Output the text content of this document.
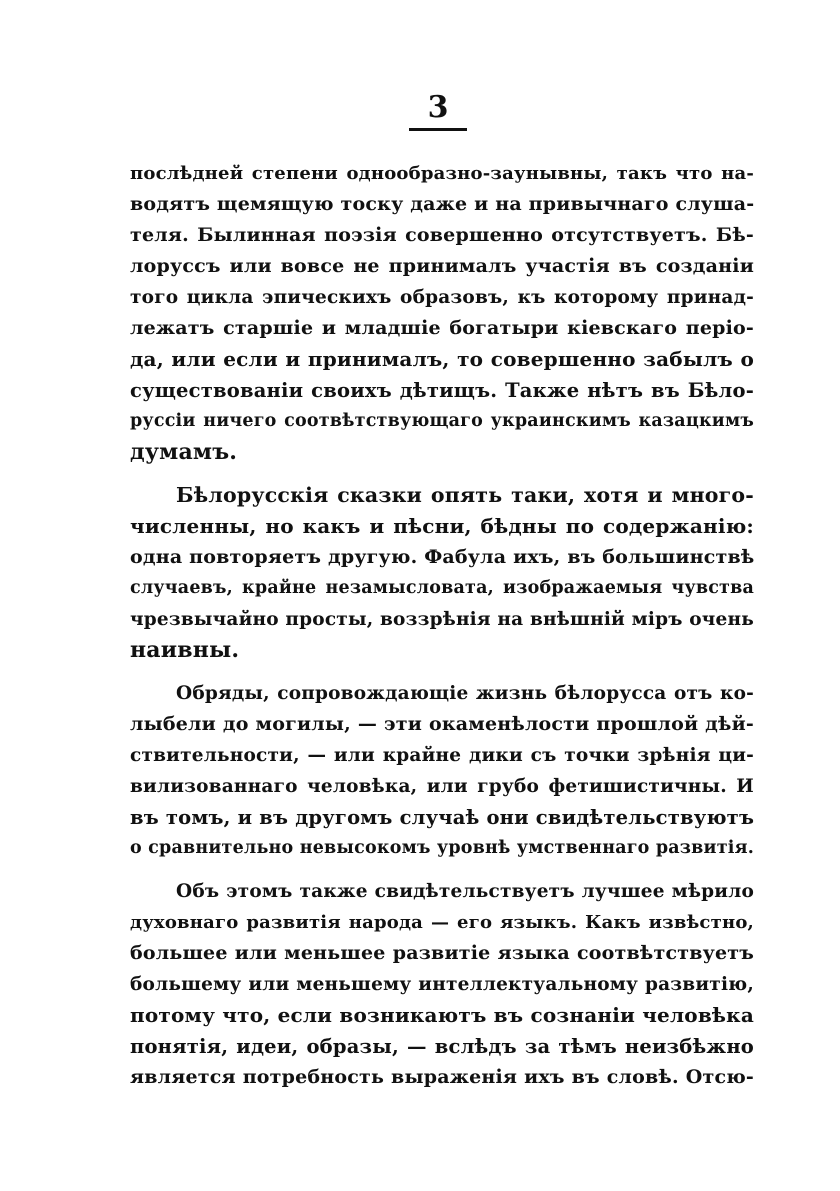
3
послѣдней степени однообразно-заунывны, такъ что на-
водятъ щемящую тоску даже и на привычнаго слуша-
теля. Былинная поэзія совершенно отсутствуетъ. Бѣ-
лоруссъ или вовсе не принималъ участія въ созданіи
того цикла эпическихъ образовъ, къ которому принад-
лежатъ старшіе и младшіе богатыри кіевскаго періо-
да, или если и принималъ, то совершенно забылъ о
существованіи своихъ дѣтищъ. Также нѣтъ въ Бѣло-
руссіи ничего соотвѣтствующаго украинскимъ казацкимъ
думамъ.
Бѣлорусскія сказки опять таки, хотя и много-
численны, но какъ и пѣсни, бѣдны по содержанію:
одна повторяетъ другую. Фабула ихъ, въ большинствѣ
случаевъ, крайне незамысловата, изображаемыя чувства
чрезвычайно просты, воззрѣнія на внѣшній міръ очень
наивны.
Обряды, сопровождающіе жизнь бѣлорусса отъ ко-
лыбели до могилы, — эти окаменѣлости прошлой дѣй-
ствительности, — или крайне дики съ точки зрѣнія ци-
вилизованнаго человѣка, или грубо фетишистичны. И
въ томъ, и въ другомъ случаѣ они свидѣтельствуютъ
о сравнительно невысокомъ уровнѣ умственнаго развитія.
Объ этомъ также свидѣтельствуетъ лучшее мѣрило
духовнаго развитія народа — его языкъ. Какъ извѣстно,
большее или меньшее развитіе языка соотвѣтствуетъ
большему или меньшему интеллектуальному развитію,
потому что, если возникаютъ въ сознаніи человѣка
понятія, идеи, образы, — вслѣдъ за тѣмъ неизбѣжно
является потребность выраженія ихъ въ словѣ. Отсю-
